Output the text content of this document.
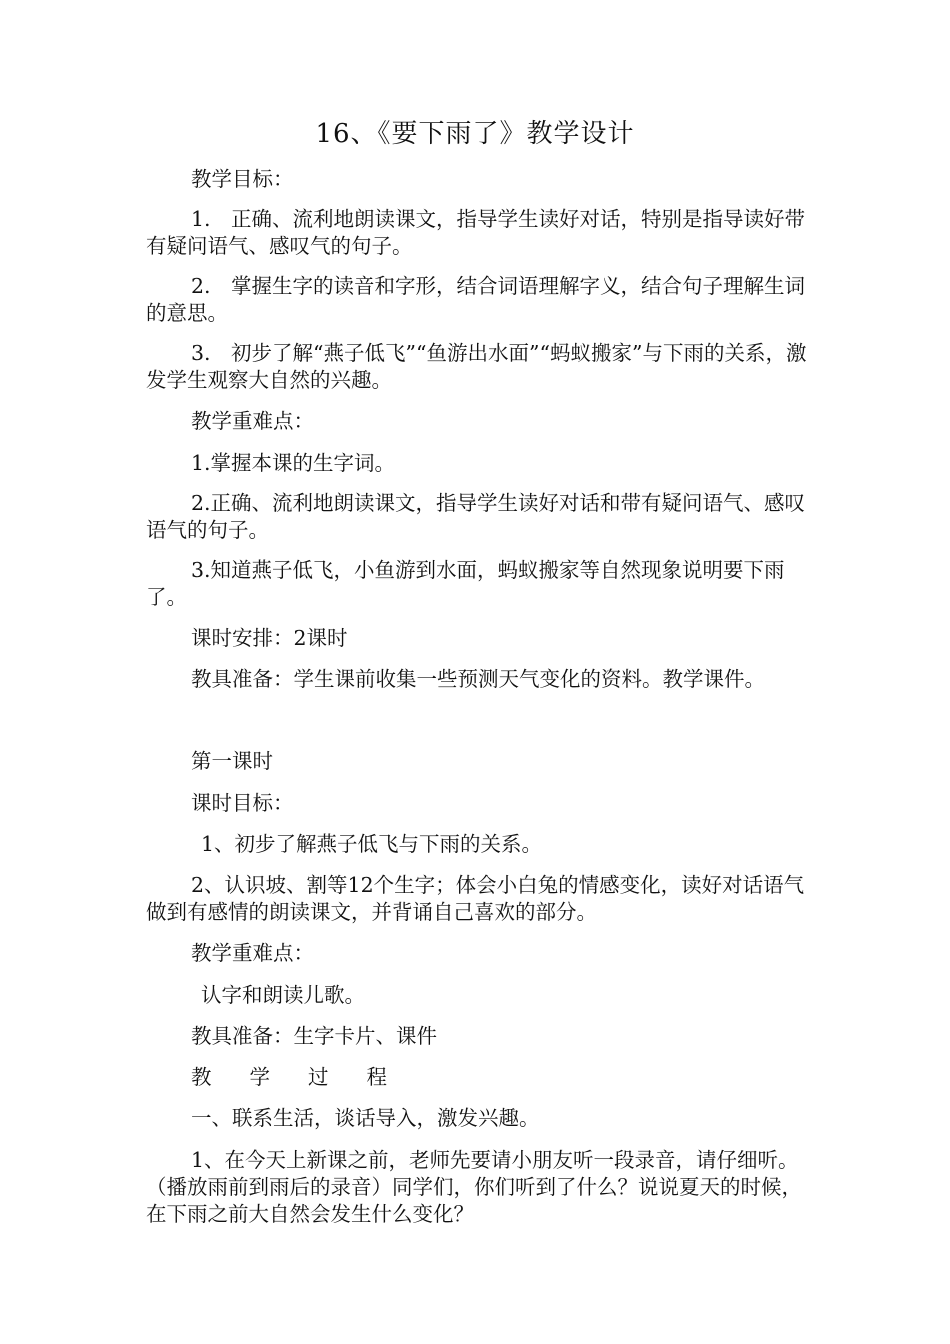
16、《要下雨了》教学设计

教学目标：

1.　正确、流利地朗读课文，指导学生读好对话，特别是指导读好带有疑问语气、感叹气的句子。

2.　掌握生字的读音和字形，结合词语理解字义，结合句子理解生词的意思。

3.　初步了解“燕子低飞”“鱼游出水面”“蚂蚁搬家”与下雨的关系，激发学生观察大自然的兴趣。

教学重难点：

1.掌握本课的生字词。

2.正确、流利地朗读课文，指导学生读好对话和带有疑问语气、感叹语气的句子。

3.知道燕子低飞，小鱼游到水面，蚂蚁搬家等自然现象说明要下雨了。

课时安排：2课时

教具准备：学生课前收集一些预测天气变化的资料。教学课件。

第一课时

课时目标：

1、初步了解燕子低飞与下雨的关系。

2、认识坡、割等12个生字；体会小白兔的情感变化，读好对话语气做到有感情的朗读课文，并背诵自己喜欢的部分。

教学重难点：

认字和朗读儿歌。

教具准备：生字卡片、课件

教学过程

一、联系生活，谈话导入，激发兴趣。

1、在今天上新课之前，老师先要请小朋友听一段录音，请仔细听。（播放雨前到雨后的录音）同学们，你们听到了什么？说说夏天的时候，在下雨之前大自然会发生什么变化？
